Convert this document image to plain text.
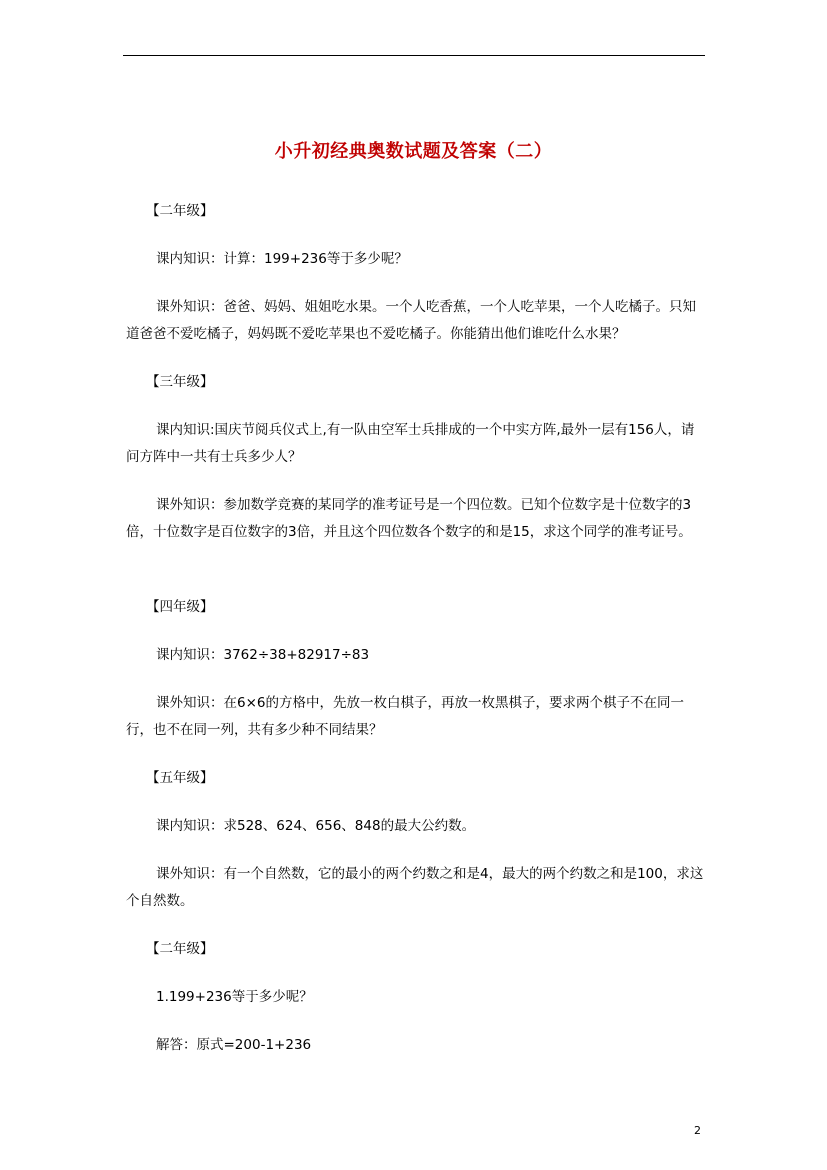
小升初经典奥数试题及答案（二）
【二年级】

课内知识：计算：199+236等于多少呢？

课外知识：爸爸、妈妈、姐姐吃水果。一个人吃香蕉，一个人吃苹果，一个人吃橘子。只知道爸爸不爱吃橘子，妈妈既不爱吃苹果也不爱吃橘子。你能猜出他们谁吃什么水果？

【三年级】

课内知识:国庆节阅兵仪式上,有一队由空军士兵排成的一个中实方阵,最外一层有156人，请问方阵中一共有士兵多少人？

课外知识：参加数学竞赛的某同学的准考证号是一个四位数。已知个位数字是十位数字的3倍，十位数字是百位数字的3倍，并且这个四位数各个数字的和是15，求这个同学的准考证号。

【四年级】

课内知识：3762÷38+82917÷83

课外知识：在6×6的方格中，先放一枚白棋子，再放一枚黑棋子，要求两个棋子不在同一行，也不在同一列，共有多少种不同结果？

【五年级】

课内知识：求528、624、656、848的最大公约数。

课外知识：有一个自然数，它的最小的两个约数之和是4，最大的两个约数之和是100，求这个自然数。

【二年级】

1.199+236等于多少呢？

解答：原式=200-1+236

2
